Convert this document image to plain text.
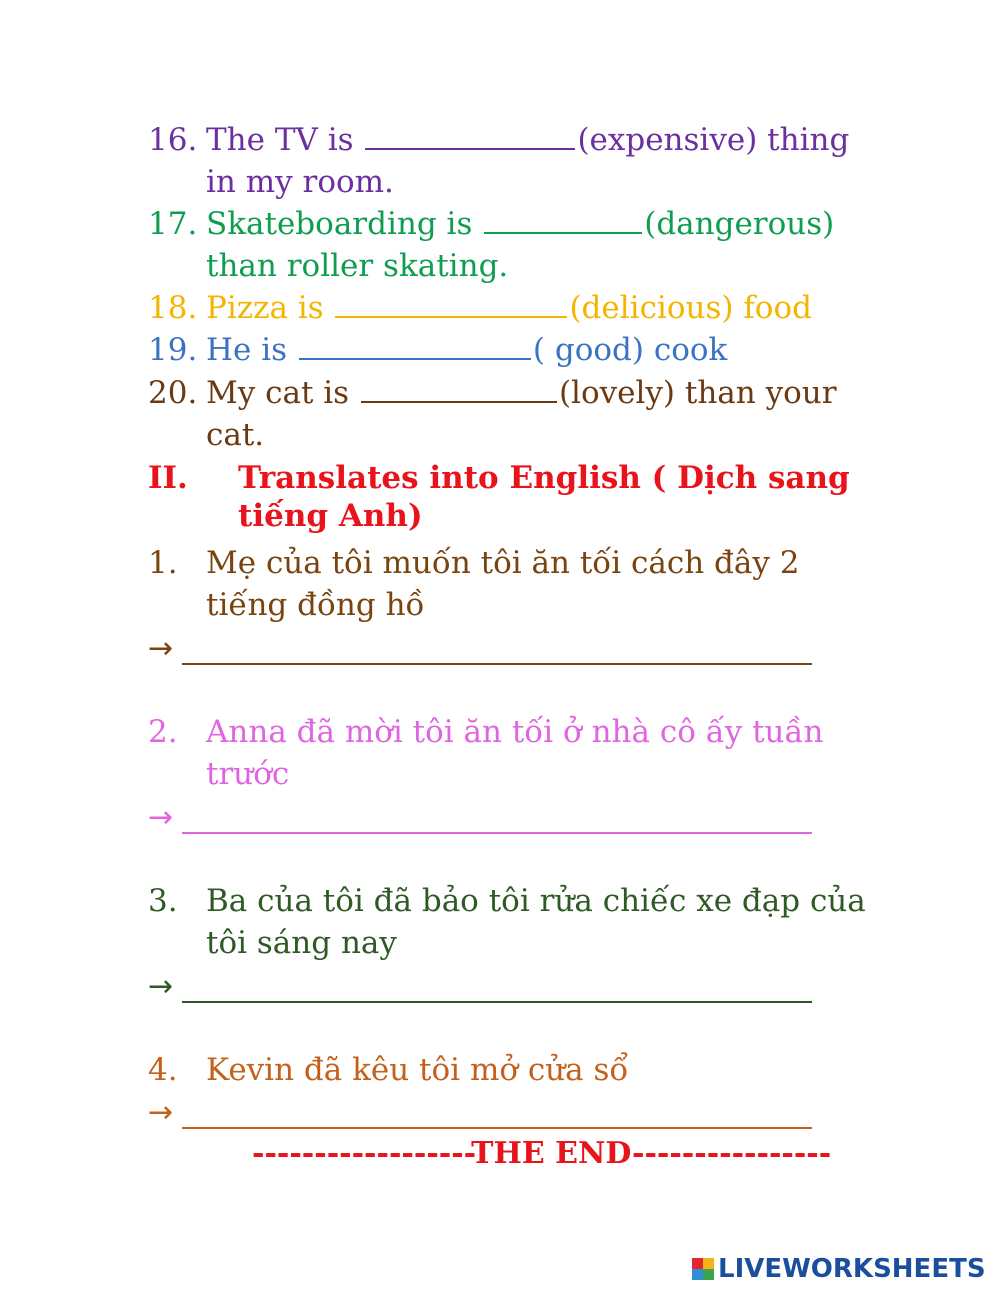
16. The TV is	(expensive) thing
in my room.
17. Skateboarding is	(dangerous)
than roller skating.
18. Pizza is	(delicious) food
19. He is	( good) cook
20. My cat is	(lovely) than your
cat.
II. Translates into English ( Dịch sang
tiếng Anh)
1. Mẹ của tôi muốn tôi ăn tối cách đây 2
tiếng đồng hồ
→
2. Anna đã mời tôi ăn tối ở nhà cô ấy tuần
trước
→
3. Ba của tôi đã bảo tôi rửa chiếc xe đạp của
tôi sáng nay
→
4. Kevin đã kêu tôi mở cửa sổ
→
------------------THE END----------------
LIVEWORKSHEETS
